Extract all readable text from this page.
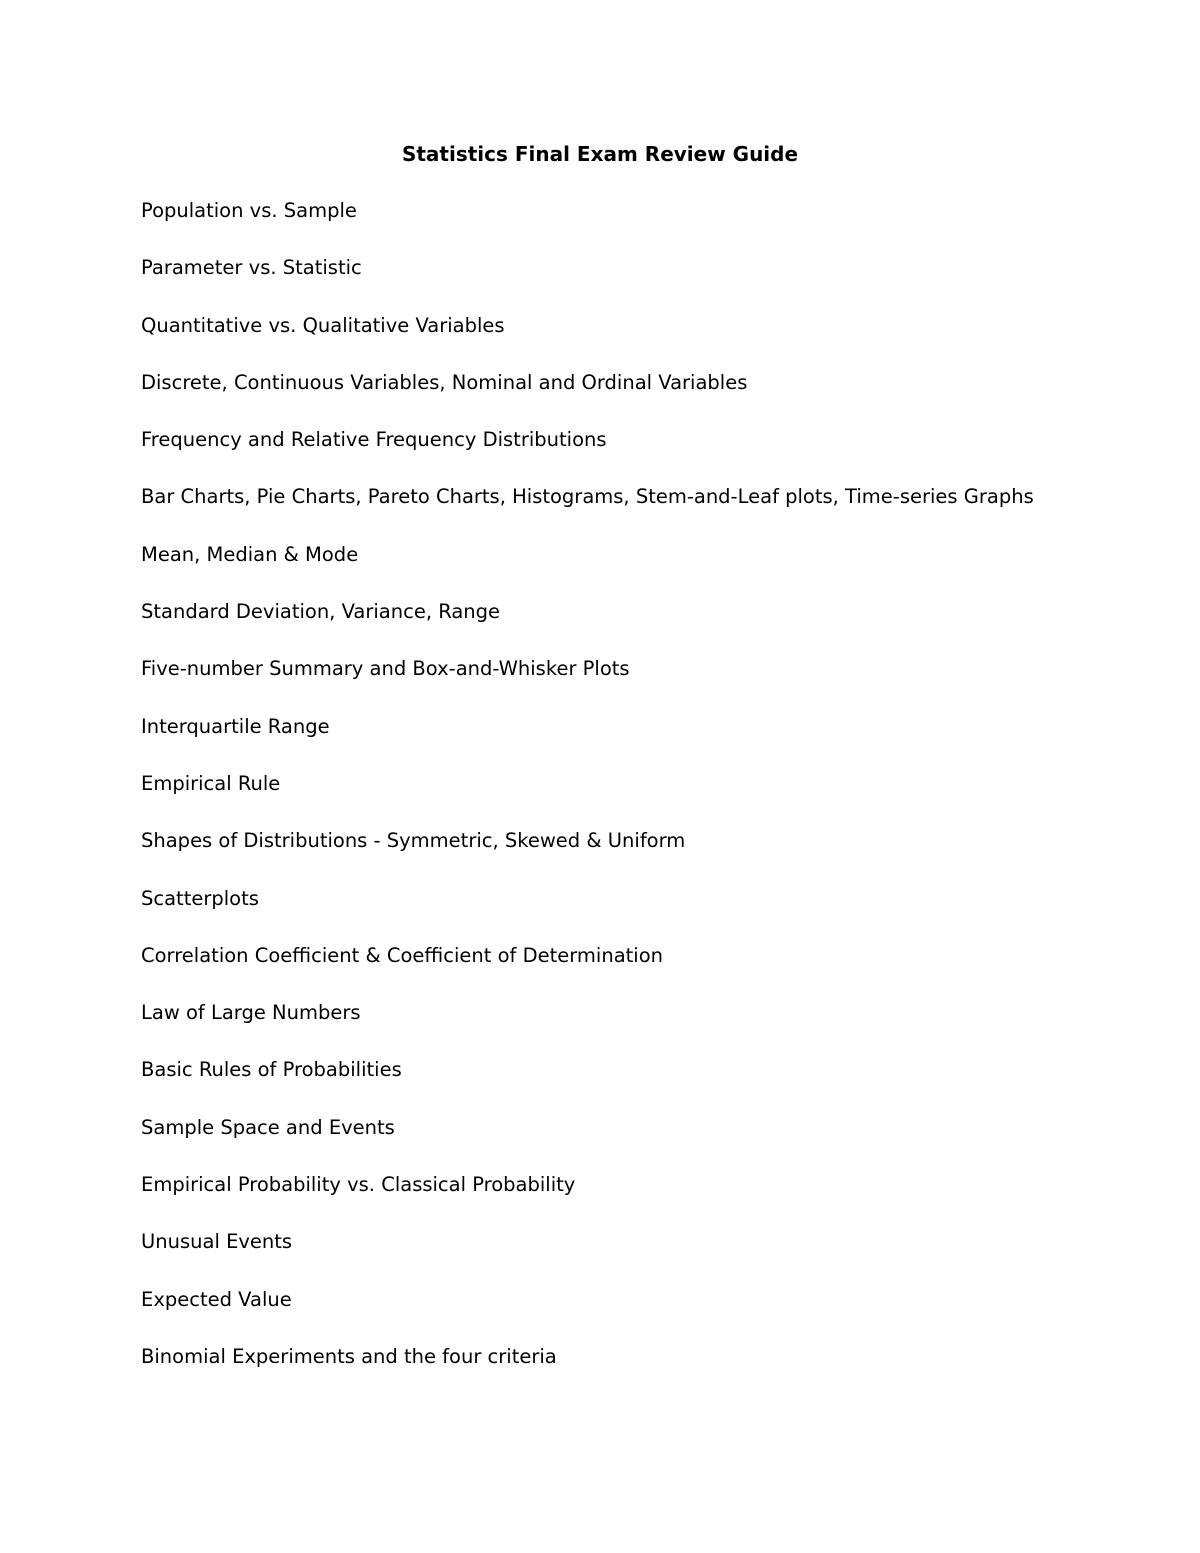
Statistics Final Exam Review Guide
Population vs. Sample
Parameter vs. Statistic
Quantitative vs. Qualitative Variables
Discrete, Continuous Variables, Nominal and Ordinal Variables
Frequency and Relative Frequency Distributions
Bar Charts, Pie Charts, Pareto Charts, Histograms, Stem-and-Leaf plots, Time-series Graphs
Mean, Median & Mode
Standard Deviation, Variance, Range
Five-number Summary and Box-and-Whisker Plots
Interquartile Range
Empirical Rule
Shapes of Distributions - Symmetric, Skewed & Uniform
Scatterplots
Correlation Coefficient & Coefficient of Determination
Law of Large Numbers
Basic Rules of Probabilities
Sample Space and Events
Empirical Probability vs. Classical Probability
Unusual Events
Expected Value
Binomial Experiments and the four criteria
